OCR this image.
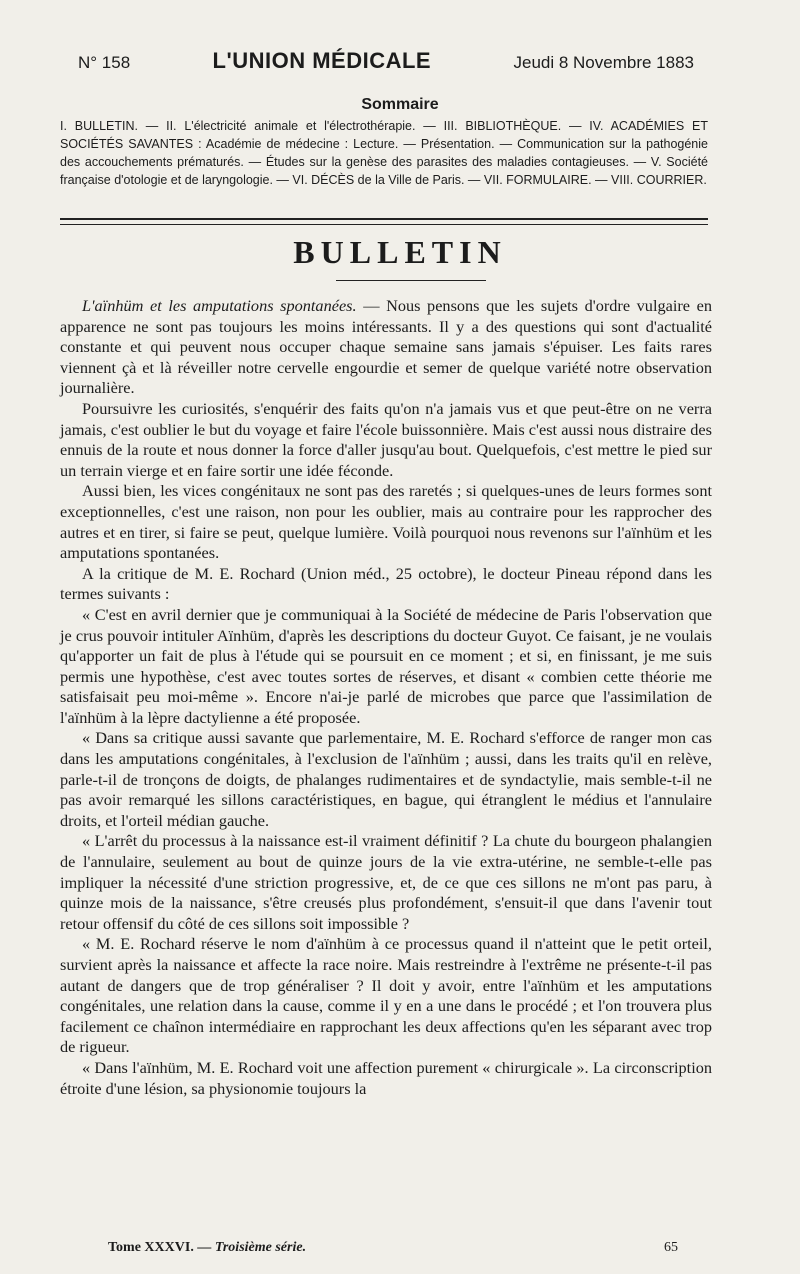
N° 158	L'UNION MÉDICALE	Jeudi 8 Novembre 1883
Sommaire
I. BULLETIN. — II. L'électricité animale et l'électrothérapie. — III. BIBLIOTHÈQUE. — IV. ACADÉMIES ET SOCIÉTÉS SAVANTES : Académie de médecine : Lecture. — Présentation. — Communication sur la pathogénie des accouchements prématurés. — Études sur la genèse des parasites des maladies contagieuses. — V. Société française d'otologie et de laryngologie. — VI. DÉCÈS de la Ville de Paris. — VII. FORMULAIRE. — VIII. COURRIER.
BULLETIN

L'aïnhüm et les amputations spontanées. — Nous pensons que les sujets d'ordre vulgaire en apparence ne sont pas toujours les moins intéressants. Il y a des questions qui sont d'actualité constante et qui peuvent nous occuper chaque semaine sans jamais s'épuiser. Les faits rares viennent çà et là réveiller notre cervelle engourdie et semer de quelque variété notre observation journalière.

Poursuivre les curiosités, s'enquérir des faits qu'on n'a jamais vus et que peut-être on ne verra jamais, c'est oublier le but du voyage et faire l'école buissonnière. Mais c'est aussi nous distraire des ennuis de la route et nous donner la force d'aller jusqu'au bout. Quelquefois, c'est mettre le pied sur un terrain vierge et en faire sortir une idée féconde.

Aussi bien, les vices congénitaux ne sont pas des raretés ; si quelques-unes de leurs formes sont exceptionnelles, c'est une raison, non pour les oublier, mais au contraire pour les rapprocher des autres et en tirer, si faire se peut, quelque lumière. Voilà pourquoi nous revenons sur l'aïnhüm et les amputations spontanées.

A la critique de M. E. Rochard (Union méd., 25 octobre), le docteur Pineau répond dans les termes suivants :

« C'est en avril dernier que je communiquai à la Société de médecine de Paris l'observation que je crus pouvoir intituler Aïnhüm, d'après les descriptions du docteur Guyot. Ce faisant, je ne voulais qu'apporter un fait de plus à l'étude qui se poursuit en ce moment ; et si, en finissant, je me suis permis une hypothèse, c'est avec toutes sortes de réserves, et disant « combien cette théorie me satisfaisait peu moi-même ». Encore n'ai-je parlé de microbes que parce que l'assimilation de l'aïnhüm à la lèpre dactylienne a été proposée.

« Dans sa critique aussi savante que parlementaire, M. E. Rochard s'efforce de ranger mon cas dans les amputations congénitales, à l'exclusion de l'aïnhüm ; aussi, dans les traits qu'il en relève, parle-t-il de tronçons de doigts, de phalanges rudimentaires et de syndactylie, mais semble-t-il ne pas avoir remarqué les sillons caractéristiques, en bague, qui étranglent le médius et l'annulaire droits, et l'orteil médian gauche.

« L'arrêt du processus à la naissance est-il vraiment définitif ? La chute du bourgeon phalangien de l'annulaire, seulement au bout de quinze jours de la vie extra-utérine, ne semble-t-elle pas impliquer la nécessité d'une striction progressive, et, de ce que ces sillons ne m'ont pas paru, à quinze mois de la naissance, s'être creusés plus profondément, s'ensuit-il que dans l'avenir tout retour offensif du côté de ces sillons soit impossible ?

« M. E. Rochard réserve le nom d'aïnhüm à ce processus quand il n'atteint que le petit orteil, survient après la naissance et affecte la race noire. Mais restreindre à l'extrême ne présente-t-il pas autant de dangers que de trop généraliser ? Il doit y avoir, entre l'aïnhüm et les amputations congénitales, une relation dans la cause, comme il y en a une dans le procédé ; et l'on trouvera plus facilement ce chaînon intermédiaire en rapprochant les deux affections qu'en les séparant avec trop de rigueur.

« Dans l'aïnhüm, M. E. Rochard voit une affection purement « chirurgicale ». La circonscription étroite d'une lésion, sa physionomie toujours la

Tome XXXVI. — Troisième série.	65
